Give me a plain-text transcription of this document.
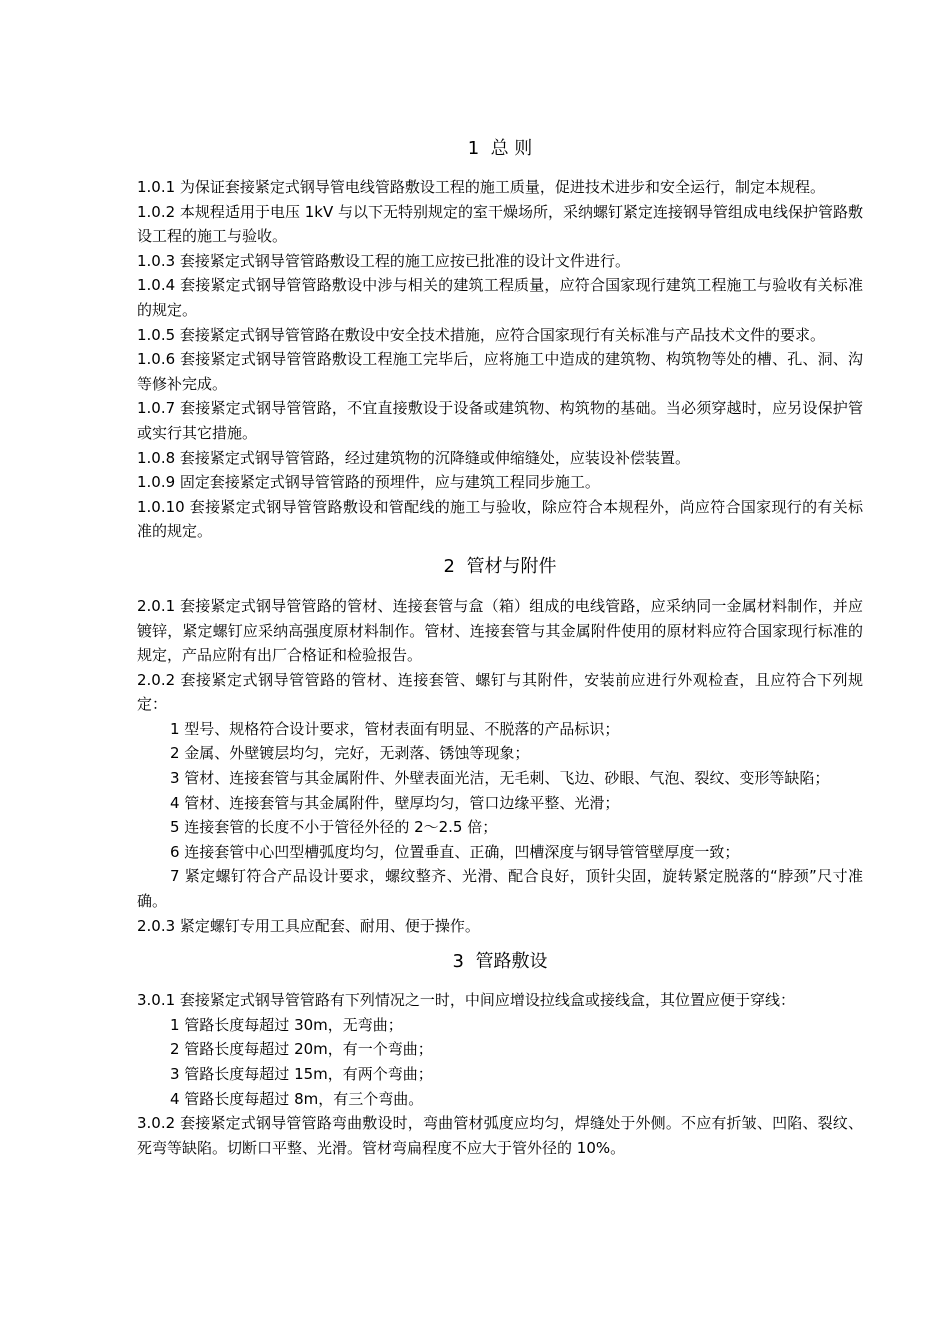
1  总 则

1.0.1 为保证套接紧定式钢导管电线管路敷设工程的施工质量，促进技术进步和安全运行，制定本规程。

1.0.2 本规程适用于电压 1kV 与以下无特别规定的室干燥场所，采纳螺钉紧定连接钢导管组成电线保护管路敷设工程的施工与验收。

1.0.3 套接紧定式钢导管管路敷设工程的施工应按已批准的设计文件进行。

1.0.4 套接紧定式钢导管管路敷设中涉与相关的建筑工程质量，应符合国家现行建筑工程施工与验收有关标准的规定。

1.0.5 套接紧定式钢导管管路在敷设中安全技术措施，应符合国家现行有关标准与产品技术文件的要求。

1.0.6 套接紧定式钢导管管路敷设工程施工完毕后，应将施工中造成的建筑物、构筑物等处的槽、孔、洞、沟等修补完成。

1.0.7 套接紧定式钢导管管路，不宜直接敷设于设备或建筑物、构筑物的基础。当必须穿越时，应另设保护管或实行其它措施。

1.0.8 套接紧定式钢导管管路，经过建筑物的沉降缝或伸缩缝处，应装设补偿装置。

1.0.9 固定套接紧定式钢导管管路的预埋件，应与建筑工程同步施工。

1.0.10 套接紧定式钢导管管路敷设和管配线的施工与验收，除应符合本规程外，尚应符合国家现行的有关标准的规定。

2  管材与附件

2.0.1 套接紧定式钢导管管路的管材、连接套管与盒（箱）组成的电线管路，应采纳同一金属材料制作，并应镀锌，紧定螺钉应采纳高强度原材料制作。管材、连接套管与其金属附件使用的原材料应符合国家现行标准的规定，产品应附有出厂合格证和检验报告。

2.0.2 套接紧定式钢导管管路的管材、连接套管、螺钉与其附件，安装前应进行外观检查，且应符合下列规定：

1 型号、规格符合设计要求，管材表面有明显、不脱落的产品标识；

2 金属、外壁镀层均匀，完好，无剥落、锈蚀等现象；

3 管材、连接套管与其金属附件、外壁表面光洁，无毛刺、飞边、砂眼、气泡、裂纹、变形等缺陷；

4 管材、连接套管与其金属附件，壁厚均匀，管口边缘平整、光滑；

5 连接套管的长度不小于管径外径的 2～2.5 倍；

6 连接套管中心凹型槽弧度均匀，位置垂直、正确，凹槽深度与钢导管管壁厚度一致；

7 紧定螺钉符合产品设计要求，螺纹整齐、光滑、配合良好，顶针尖固，旋转紧定脱落的“脖颈”尺寸准确。

2.0.3 紧定螺钉专用工具应配套、耐用、便于操作。

3  管路敷设

3.0.1 套接紧定式钢导管管路有下列情况之一时，中间应增设拉线盒或接线盒，其位置应便于穿线：

1 管路长度每超过 30m，无弯曲；

2 管路长度每超过 20m，有一个弯曲；

3 管路长度每超过 15m，有两个弯曲；

4 管路长度每超过 8m，有三个弯曲。

3.0.2 套接紧定式钢导管管路弯曲敷设时，弯曲管材弧度应均匀，焊缝处于外侧。不应有折皱、凹陷、裂纹、死弯等缺陷。切断口平整、光滑。管材弯扁程度不应大于管外径的 10%。
